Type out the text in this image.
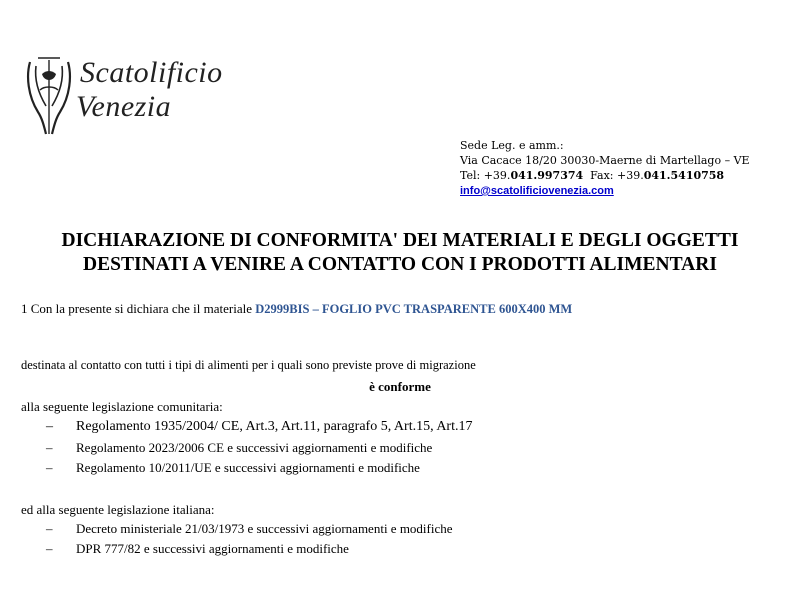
Scatolificio
Venezia
Sede Leg. e amm.:
Via Cacace 18/20 30030-Maerne di Martellago – VE
Tel: +39.041.997374 Fax: +39.041.5410758
info@scatolificiovenezia.com
DICHIARAZIONE DI CONFORMITA' DEI MATERIALI E DEGLI OGGETTI
DESTINATI A VENIRE A CONTATTO CON I PRODOTTI ALIMENTARI
1 Con la presente si dichiara che il materiale D2999BIS – FOGLIO PVC TRASPARENTE 600X400 MM
destinata al contatto con tutti i tipi di alimenti per i quali sono previste prove di migrazione
è conforme
alla seguente legislazione comunitaria:
– Regolamento 1935/2004/ CE, Art.3, Art.11, paragrafo 5, Art.15, Art.17
– Regolamento 2023/2006 CE e successivi aggiornamenti e modifiche
– Regolamento 10/2011/UE e successivi aggiornamenti e modifiche
ed alla seguente legislazione italiana:
– Decreto ministeriale 21/03/1973 e successivi aggiornamenti e modifiche
– DPR 777/82 e successivi aggiornamenti e modifiche
